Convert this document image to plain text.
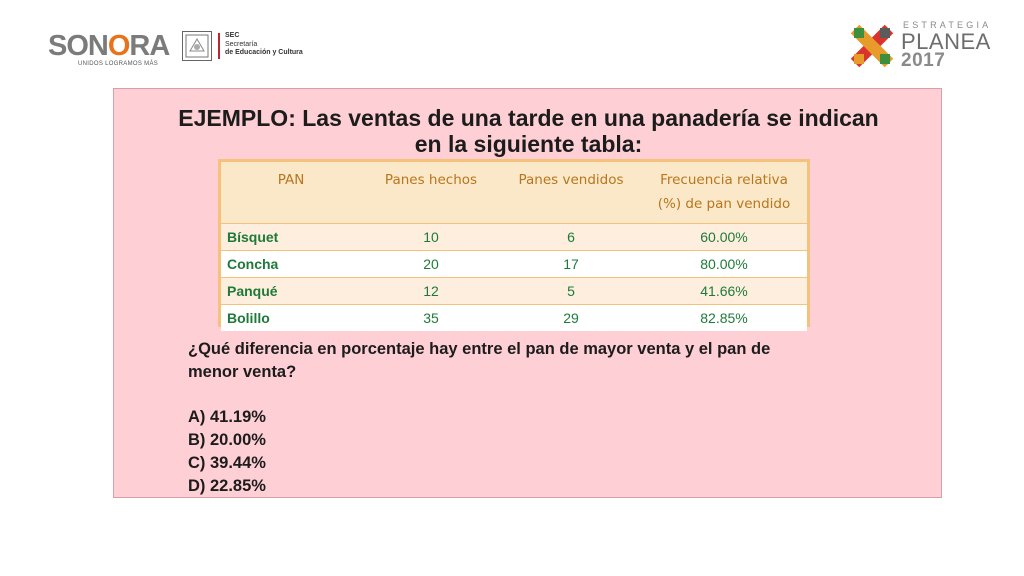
SONORA
UNIDOS LOGRAMOS MÁS
SEC
Secretaría
de Educación y Cultura
ESTRATEGIA
PLANEA
2017
EJEMPLO: Las ventas de una tarde en una panadería se indican
en la siguiente tabla:
PAN	Panes hechos	Panes vendidos	Frecuencia relativa
(%) de pan vendido
Bísquet	10	6	60.00%
Concha	20	17	80.00%
Panqué	12	5	41.66%
Bolillo	35	29	82.85%
¿Qué diferencia en porcentaje hay entre el pan de mayor venta y el pan de
menor venta?
A) 41.19%
B) 20.00%
C) 39.44%
D) 22.85%
